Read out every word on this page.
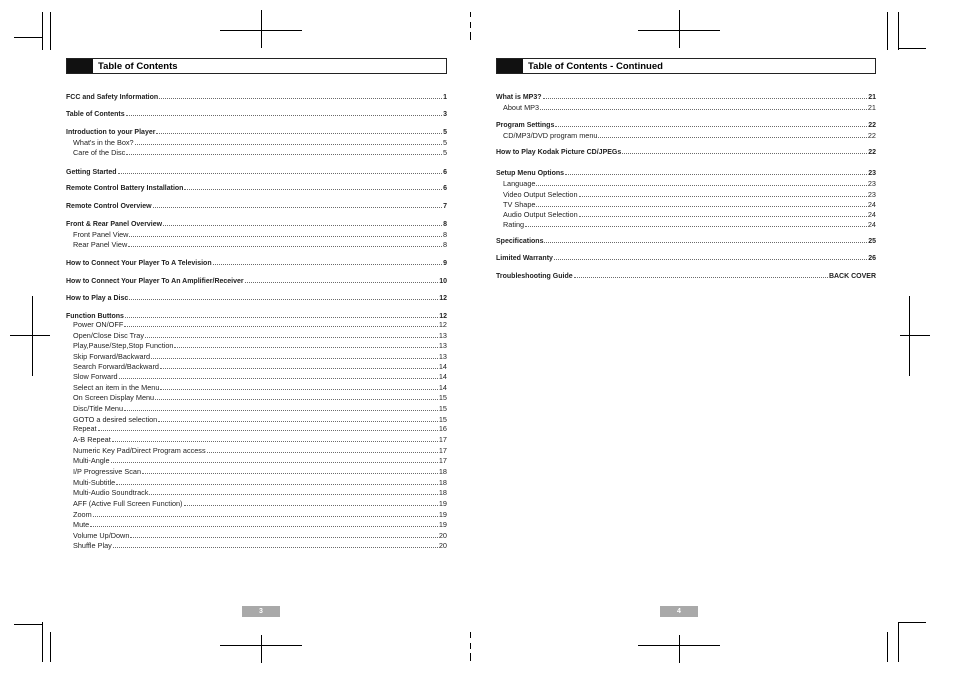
Table of Contents
FCC and Safety Information	1
Table of Contents	3
Introduction to your Player	5
What's in the Box?	5
Care of the Disc	5
Getting Started	6
Remote Control Battery Installation	6
Remote Control Overview	7
Front & Rear Panel Overview	8
Front Panel View	8
Rear Panel View	8
How to Connect Your Player To A Television	9
How to Connect Your Player To An Amplifier/Receiver	10
How to Play a Disc	12
Function Buttons	12
Power ON/OFF	12
Open/Close Disc Tray	13
Play,Pause/Step,Stop Function	13
Skip Forward/Backward	13
Search Forward/Backward	14
Slow Forward	14
Select an item in the Menu	14
On Screen Display Menu	15
Disc/Title Menu	15
GOTO a desired selection	15
Repeat	16
A-B Repeat	17
Numeric Key Pad/Direct Program access	17
Multi-Angle	17
I/P Progressive Scan	18
Multi-Subtitle	18
Multi-Audio Soundtrack	18
AFF (Active Full Screen Function)	19
Zoom	19
Mute	19
Volume Up/Down	20
Shuffle Play	20
3
Table of Contents - Continued
What is MP3?	21
About MP3	21
Program Settings	22
CD/MP3/DVD program menu	22
How to Play Kodak Picture CD/JPEGs	22
Setup Menu Options	23
Language	23
Video Output Selection	23
TV Shape	24
Audio Output Selection	24
Rating	24
Specifications	25
Limited Warranty	26
Troubleshooting Guide	BACK COVER
4
